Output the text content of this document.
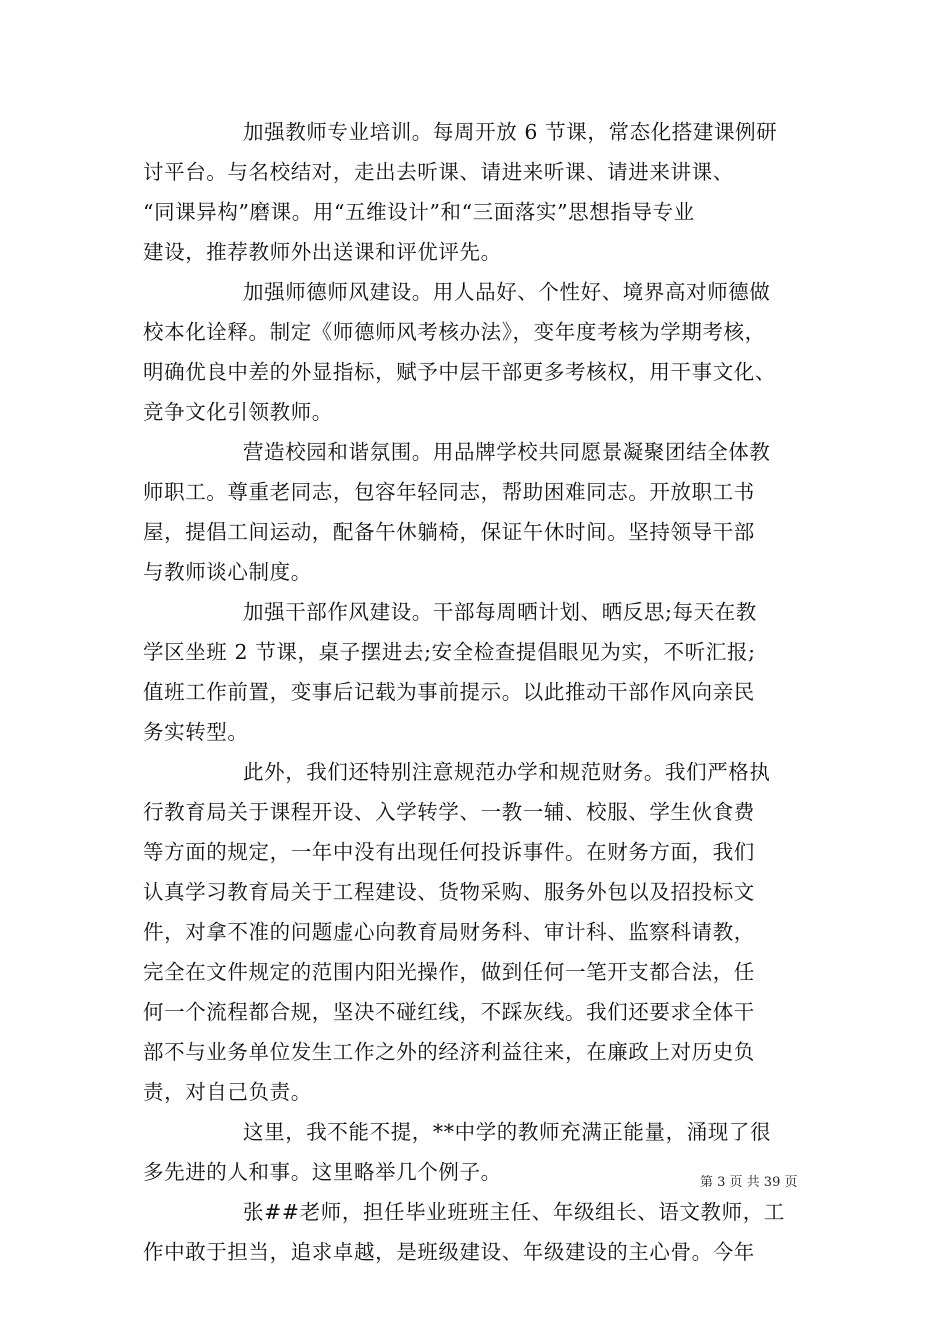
加强教师专业培训。每周开放 6 节课，常态化搭建课例研
讨平台。与名校结对，走出去听课、请进来听课、请进来讲课、
“同课异构”磨课。用“五维设计”和“三面落实”思想指导专业
建设，推荐教师外出送课和评优评先。
加强师德师风建设。用人品好、个性好、境界高对师德做
校本化诠释。制定《师德师风考核办法》，变年度考核为学期考核，
明确优良中差的外显指标，赋予中层干部更多考核权，用干事文化、
竞争文化引领教师。
营造校园和谐氛围。用品牌学校共同愿景凝聚团结全体教
师职工。尊重老同志，包容年轻同志，帮助困难同志。开放职工书
屋，提倡工间运动，配备午休躺椅，保证午休时间。坚持领导干部
与教师谈心制度。
加强干部作风建设。干部每周晒计划、晒反思;每天在教
学区坐班 2 节课，桌子摆进去;安全检查提倡眼见为实，不听汇报;
值班工作前置，变事后记载为事前提示。以此推动干部作风向亲民
务实转型。
此外，我们还特别注意规范办学和规范财务。我们严格执
行教育局关于课程开设、入学转学、一教一辅、校服、学生伙食费
等方面的规定，一年中没有出现任何投诉事件。在财务方面，我们
认真学习教育局关于工程建设、货物采购、服务外包以及招投标文
件，对拿不准的问题虚心向教育局财务科、审计科、监察科请教，
完全在文件规定的范围内阳光操作，做到任何一笔开支都合法，任
何一个流程都合规，坚决不碰红线，不踩灰线。我们还要求全体干
部不与业务单位发生工作之外的经济利益往来，在廉政上对历史负
责，对自己负责。
这里，我不能不提，**中学的教师充满正能量，涌现了很
多先进的人和事。这里略举几个例子。
张##老师，担任毕业班班主任、年级组长、语文教师，工
作中敢于担当，追求卓越，是班级建设、年级建设的主心骨。今年
第 3 页 共 39 页
